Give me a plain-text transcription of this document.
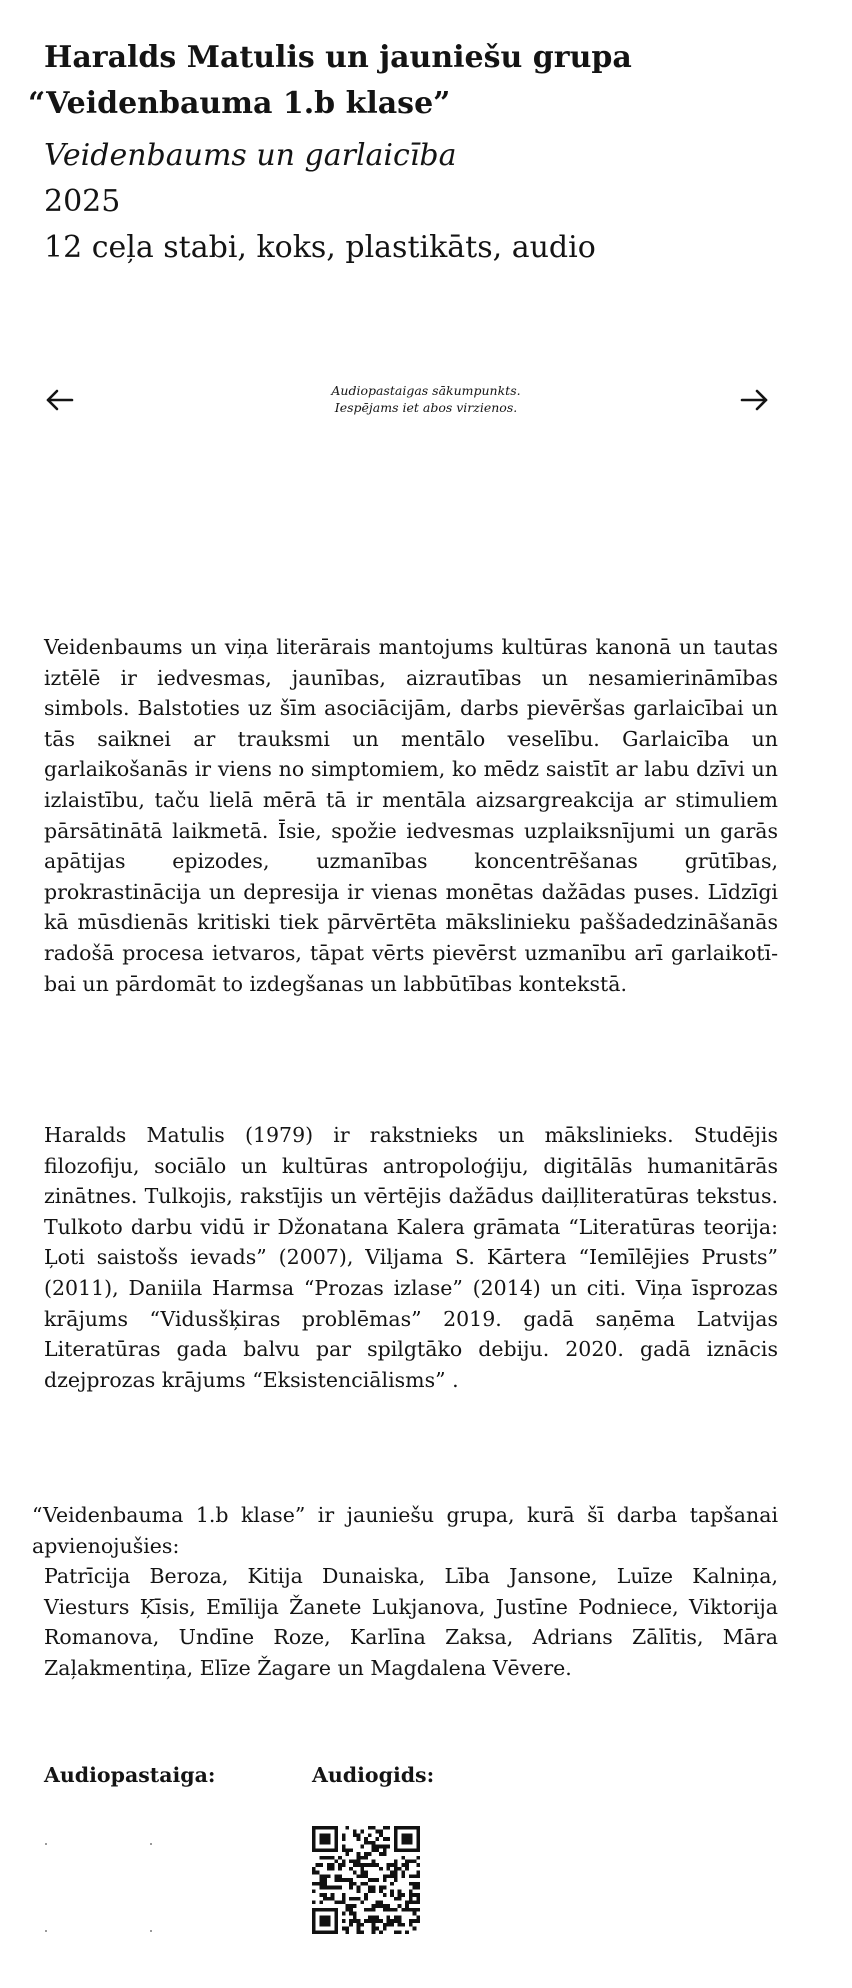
Haralds Matulis un jauniešu grupa
“Veidenbauma 1.b klase”
Veidenbaums un garlaicība
2025
12 ceļa stabi, koks, plastikāts, audio
Audiopastaigas sākumpunkts.
Iespējams iet abos virzienos.

Veidenbaums un viņa literārais mantojums kultūras kanonā un tautas iztēlē ir iedvesmas, jaunības, aizrautības un nesamierināmības simbols. Balstoties uz šīm asociācijām, darbs pievēršas garlaicībai un tās saiknei ar trauksmi un mentālo veselību. Garlaicība un garlaikošanās ir viens no simptomiem, ko mēdz saistīt ar labu dzīvi un izlaistību, taču lielā mērā tā ir mentāla aizsargreakcija ar stimuliem pārsātinātā laikmetā. Īsie, spožie iedvesmas uzplaiksnījumi un garās apātijas epizodes, uzmanības koncentrēšanas grūtības, prokrastinācija un depresija ir vienas monētas dažādas puses. Līdzīgi kā mūsdienās kritiski tiek pārvērtēta mākslinieku paššadedzināšanās radošā procesa ietvaros, tāpat vērts pievērst uzmanību arī garlaikotībai un pārdomāt to izdegšanas un labbūtības kontekstā.

Haralds Matulis (1979) ir rakstnieks un mākslinieks. Studējis filozofiju, sociālo un kultūras antropoloģiju, digitālās humanitārās zinātnes. Tulkojis, rakstījis un vērtējis dažādus daiļliteratūras tekstus. Tulkoto darbu vidū ir Džonatana Kalera grāmata “Literatūras teorija: Ļoti saistošs ievads” (2007), Viljama S. Kārtera “Iemīlējies Prusts” (2011), Daniila Harmsa “Prozas izlase” (2014) un citi. Viņa īsprozas krājums “Vidusšķiras problēmas” 2019. gadā saņēma Latvijas Literatūras gada balvu par spilgtāko debiju. 2020. gadā iznācis dzejprozas krājums “Eksistenciālisms” .

“Veidenbauma 1.b klase” ir jauniešu grupa, kurā šī darba tapšanai apvienojušies:
Patrīcija Beroza, Kitija Dunaiska, Lība Jansone, Luīze Kalniņa, Viesturs Ķīsis, Emīlija Žanete Lukjanova, Justīne Podniece, Viktorija Romanova, Undīne Roze, Karlīna Zaksa, Adrians Zālītis, Māra Zaļakmentiņa, Elīze Žagare un Magdalena Vēvere.

Audiopastaiga:	Audiogids:
